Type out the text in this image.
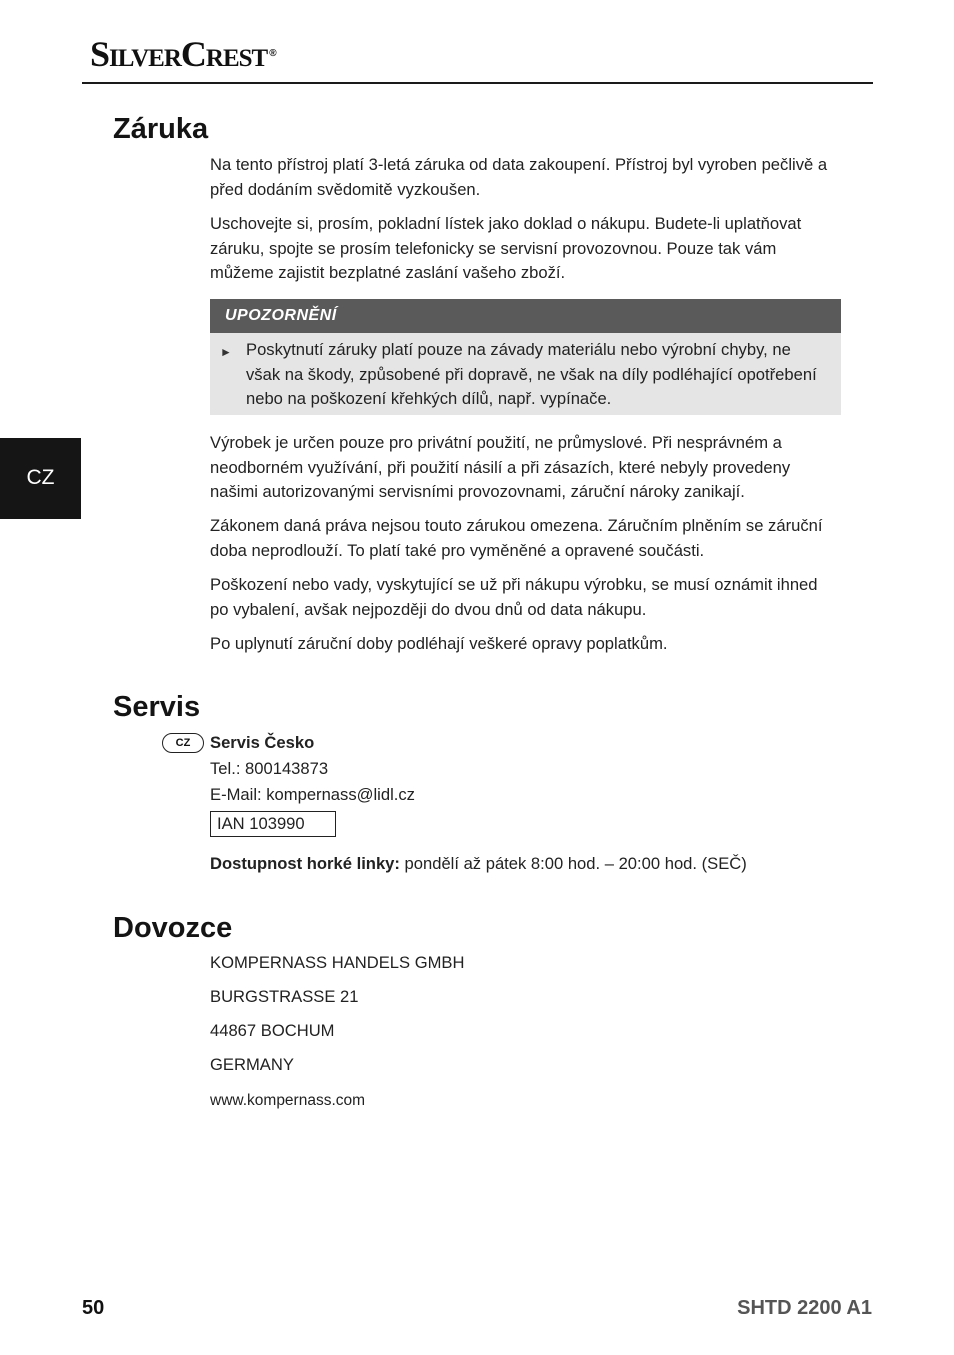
SilverCrest ®
CZ
Záruka
Na tento přístroj platí 3-letá záruka od data zakoupení. Přístroj byl vyroben pečlivě a před dodáním svědomitě vyzkoušen.
Uschovejte si, prosím, pokladní lístek jako doklad o nákupu. Budete-li uplatňovat záruku, spojte se prosím telefonicky se servisní provozovnou. Pouze tak vám můžeme zajistit bezplatné zaslání vašeho zboží.
UPOZORNĚNÍ
► Poskytnutí záruky platí pouze na závady materiálu nebo výrobní chyby, ne však na škody, způsobené při dopravě, ne však na díly podléhající opotřebení nebo na poškození křehkých dílů, např. vypínače.
Výrobek je určen pouze pro privátní použití, ne průmyslové. Při nesprávném a neodborném využívání, při použití násilí a při zásazích, které nebyly provedeny našimi autorizovanými servisními provozovnami, záruční nároky zanikají.
Zákonem daná práva nejsou touto zárukou omezena. Záručním plněním se záruční doba neprodlouží. To platí také pro vyměněné a opravené součásti.
Poškození nebo vady, vyskytující se už při nákupu výrobku, se musí oznámit ihned po vybalení, avšak nejpozději do dvou dnů od data nákupu.
Po uplynutí záruční doby podléhají veškeré opravy poplatkům.
Servis
CZ	Servis Česko
Tel.: 800143873
E-Mail: kompernass@lidl.cz
IAN 103990
Dostupnost horké linky: pondělí až pátek 8:00 hod. – 20:00 hod. (SEČ)
Dovozce
KOMPERNASS HANDELS GMBH
BURGSTRASSE 21
44867 BOCHUM
GERMANY
www.kompernass.com
50	SHTD 2200 A1
